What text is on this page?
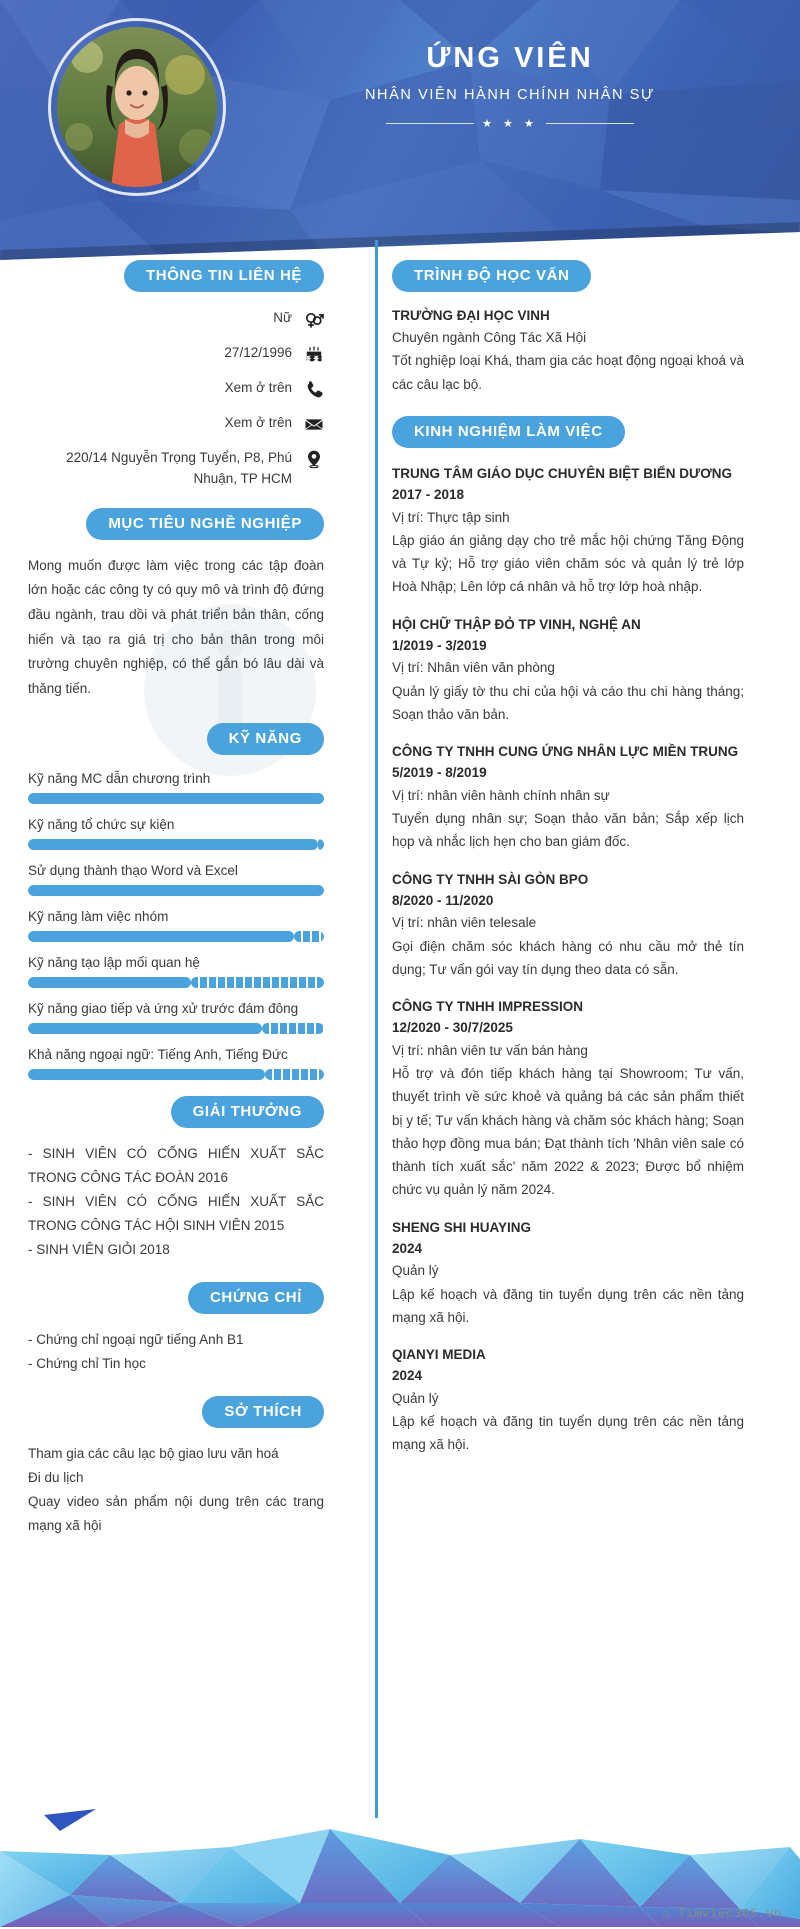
ỨNG VIÊN
NHÂN VIÊN HÀNH CHÍNH NHÂN SỰ
★ ★ ★
THÔNG TIN LIÊN HỆ
Nữ
27/12/1996
Xem ở trên
Xem ở trên
220/14 Nguyễn Trọng Tuyển, P8, Phú Nhuận, TP HCM
MỤC TIÊU NGHỀ NGHIỆP
Mong muốn được làm việc trong các tập đoàn lớn hoặc các công ty có quy mô và trình độ đứng đầu ngành, trau dồi và phát triển bản thân, cống hiến và tạo ra giá trị cho bản thân trong môi trường chuyên nghiệp, có thể gắn bó lâu dài và thăng tiến.
KỸ NĂNG
Kỹ năng MC dẫn chương trình
Kỹ năng tổ chức sự kiện
Sử dụng thành thạo Word và Excel
Kỹ năng làm việc nhóm
Kỹ năng tạo lập mối quan hệ
Kỹ năng giao tiếp và ứng xử trước đám đông
Khả năng ngoại ngữ: Tiếng Anh, Tiếng Đức
GIẢI THƯỞNG
- SINH VIÊN CÓ CỐNG HIẾN XUẤT SẮC TRONG CÔNG TÁC ĐOÀN 2016
- SINH VIÊN CÓ CỐNG HIẾN XUẤT SẮC TRONG CÔNG TÁC HỘI SINH VIÊN 2015
- SINH VIÊN GIỎI 2018
CHỨNG CHỈ
- Chứng chỉ ngoại ngữ tiếng Anh B1
- Chứng chỉ Tin học
SỞ THÍCH
Tham gia các câu lạc bộ giao lưu văn hoá
Đi du lịch
Quay video sản phẩm nội dung trên các trang mạng xã hội
TRÌNH ĐỘ HỌC VẤN
TRƯỜNG ĐẠI HỌC VINH
Chuyên ngành Công Tác Xã Hội
Tốt nghiệp loại Khá, tham gia các hoạt động ngoại khoá và các câu lạc bộ.
KINH NGHIỆM LÀM VIỆC
TRUNG TÂM GIÁO DỤC CHUYÊN BIỆT BIỂN DƯƠNG
2017 - 2018
Vị trí: Thực tập sinh
Lập giáo án giảng dạy cho trẻ mắc hội chứng Tăng Động và Tự kỷ; Hỗ trợ giáo viên chăm sóc và quản lý trẻ lớp Hoà Nhập; Lên lớp cá nhân và hỗ trợ lớp hoà nhập.
HỘI CHỮ THẬP ĐỎ TP VINH, NGHỆ AN
1/2019 - 3/2019
Vị trí: Nhân viên văn phòng
Quản lý giấy tờ thu chi của hội và cáo thu chi hàng tháng; Soạn thảo văn bản.
CÔNG TY TNHH CUNG ỨNG NHÂN LỰC MIỀN TRUNG
5/2019 - 8/2019
Vị trí: nhân viên hành chính nhân sự
Tuyển dụng nhân sự; Soạn thảo văn bản; Sắp xếp lịch họp và nhắc lịch hẹn cho ban giám đốc.
CÔNG TY TNHH SÀI GÒN BPO
8/2020 - 11/2020
Vị trí: nhân viên telesale
Gọi điện chăm sóc khách hàng có nhu cầu mở thẻ tín dụng; Tư vấn gói vay tín dụng theo data có sẵn.
CÔNG TY TNHH IMPRESSION
12/2020 - 30/7/2025
Vị trí: nhân viên tư vấn bán hàng
Hỗ trợ và đón tiếp khách hàng tại Showroom; Tư vấn, thuyết trình về sức khoẻ và quảng bá các sản phẩm thiết bị y tế; Tư vấn khách hàng và chăm sóc khách hàng; Soạn thảo hợp đồng mua bán; Đạt thành tích 'Nhân viên sale có thành tích xuất sắc' năm 2022 & 2023; Được bổ nhiệm chức vụ quản lý năm 2024.
SHENG SHI HUAYING
2024
Quản lý
Lập kế hoạch và đăng tin tuyển dụng trên các nền tảng mạng xã hội.
QIANYI MEDIA
2024
Quản lý
Lập kế hoạch và đăng tin tuyển dụng trên các nền tảng mạng xã hội.
∴ Timviec365.vn
